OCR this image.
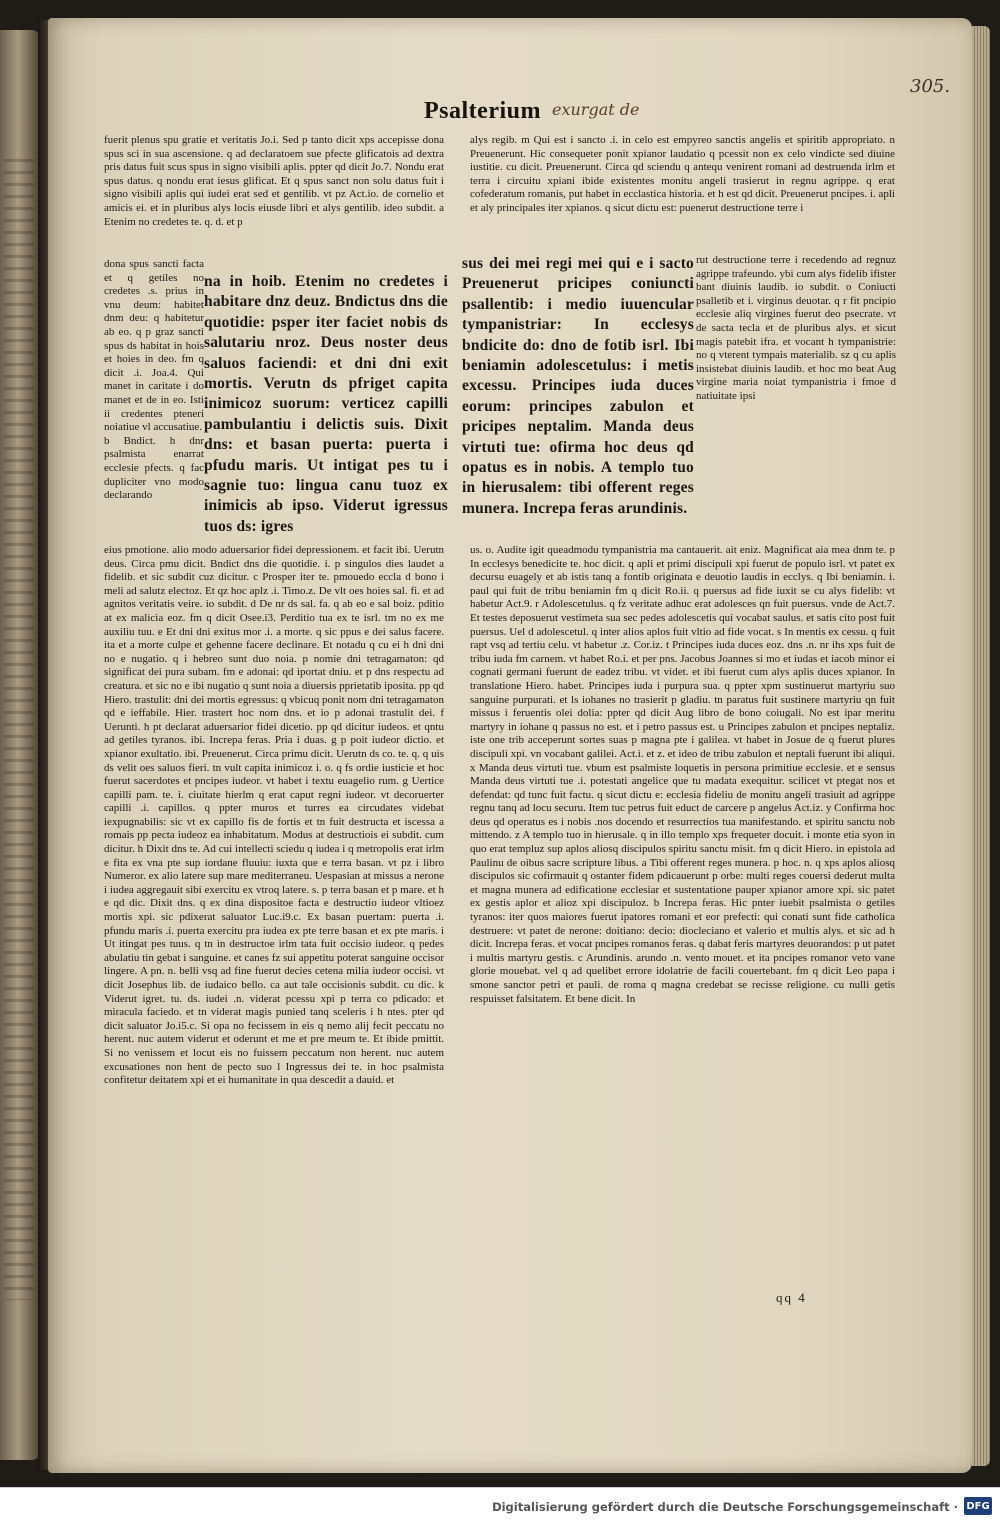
305.
Psalterium exurgat de

fuerit plenus spu gratie et veritatis Jo.i. Sed p tanto dicit xps accepisse dona spus sci in sua ascensione. q ad declaratoem sue pfecte glificatois ad dextra pris datus fuit scus spus in signo visibili aplis. ppter qd dicit Jo.7. Nondu erat spus datus. q nondu erat iesus glificat. Et q spus sanct non solu datus fuit i signo visibili aplis qui iudei erat sed et gentilib. vt pz Act.io. de cornelio et amicis ei. et in pluribus alys locis eiusde libri et alys gentilib. ideo subdit. a Etenim no credetes te. q. d. et p

alys regib. m Qui est i sancto .i. in celo est empyreo sanctis angelis et spiritib appropriato. n Preuenerunt. Hic consequeter ponit xpianor laudatio q pcessit non ex celo vindicte sed diuine iustitie. cu dicit. Preuenerunt. Circa qd sciendu q antequ venirent romani ad destruenda irlm et terra i circuitu xpiani ibide existentes monitu angeli trasierut in regnu agrippe. q erat cofederatum romanis, put habet in ecclastica historia. et h est qd dicit. Preuenerut pncipes. i. apli et aly principales iter xpianos. q sicut dictu est: puenerut destructione terre i

dona spus sancti facta et q getiles no credetes .s. prius in vnu deum: habitet dnm deu: q habitetur ab eo. q p graz sancti spus ds habitat in hois et hoies in deo. fm q dicit .i. Joa.4. Qui manet in caritate i do manet et de in eo. Isti ii credentes pteneri noiatiue vl accusatiue.

b Bndict. h dnr psalmista enarrat ecclesie pfects. q fac dupliciter vno modo declarando

na in hoib. Etenim no credetes i habitare dnz deuz. Bndictus dns die quotidie: psper iter faciet nobis ds salutariu nroz. Deus noster deus saluos faciendi: et dni dni exit mortis. Verutn ds pfriget capita inimicoz suorum: verticez capilli pambulantiu i delictis suis. Dixit dns: et basan puerta: puerta i pfudu maris. Ut intigat pes tu i sagnie tuo: lingua canu tuoz ex inimicis ab ipso. Viderut igressus tuos ds: igres

sus dei mei regi mei qui e i sacto Preuenerut pricipes coniuncti psallentib: i medio iuuencular tympanistriar: In ecclesys bndicite do: dno de fotib isrl. Ibi beniamin adolescetulus: i metis excessu. Principes iuda duces eorum: principes zabulon et pricipes neptalim. Manda deus virtuti tue: ofirma hoc deus qd opatus es in nobis. A templo tuo in hierusalem: tibi offerent reges munera. Increpa feras arundinis.

rut destructione terre i recedendo ad regnuz agrippe trafeundo. ybi cum alys fidelib ifister bant diuinis laudib. io subdit. o Coniucti psalletib et i. virginus deuotar. q r fit pncipio ecclesie aliq virgines fuerut deo psecrate. vt de sacta tecla et de pluribus alys. et sicut magis patebit ifra. et vocant h tympanistrie: no q vterent tympais materialib. sz q cu aplis insistebat diuinis laudib. et hoc mo beat Aug virgine maria noiat tympanistria i fmoe d natiuitate ipsi

eius pmotione. alio modo aduersarior fidei depressionem. et facit ibi. Uerutn deus. Circa pmu dicit. Bndict dns die quotidie. i. p singulos dies laudet a fidelib. et sic subdit cuz dicitur. c Prosper iter te. pmouedo eccla d bono i meli ad salutz electoz. Et qz hoc aplz .i. Timo.z. De vlt oes hoies sal. fi. et ad agnitos veritatis veire. io subdit. d De nr ds sal. fa. q ab eo e sal boiz. pditio at ex malicia eoz. fm q dicit Osee.i3. Perditio tua ex te isrl. tm no ex me auxiliu tuu. e Et dni dni exitus mor .i. a morte. q sic ppus e dei salus facere. ita et a morte culpe et gehenne facere declinare. Et notadu q cu ei h dni dni no e nugatio. q i hebreo sunt duo noia. p nomie dni tetragamaton: qd significat dei pura subam. fm e adonai: qd iportat dniu. et p dns respectu ad creatura. et sic no e ibi nugatio q sunt noia a diuersis pprietatib iposita. pp qd Hiero. trastulit: dni dei mortis egressus: q vbicuq ponit nom dni tetragamaton qd e ieffabile. Hier. trastert hoc nom dns. et io p adonai trastulit dei. f Uerunti. h pt declarat aduersarior fidei dicetio. pp qd dicitur iudeos. et qntu ad getiles tyranos. ibi. Increpa feras. Pria i duas. g p poit iudeor dictio. et xpianor exultatio. ibi. Preuenerut. Circa primu dicit. Uerutn ds co. te. q. q uis ds velit oes saluos fieri. tn vult capita inimicoz i. o. q fs ordie iusticie et hoc fuerut sacerdotes et pncipes iudeor. vt habet i textu euagelio rum. g Uertice capilli pam. te. i. ciuitate hierlm q erat caput regni iudeor. vt decoruerter capilli .i. capillos. q ppter muros et turres ea circudates videbat iexpugnabilis: sic vt ex capillo fis de fortis et tn fuit destructa et iscessa a romais pp pecta iudeoz ea inhabitatum. Modus at destructiois ei subdit. cum dicitur. h Dixit dns te. Ad cui intellecti sciedu q iudea i q metropolis erat irlm e fita ex vna pte sup iordane fluuiu: iuxta que e terra basan. vt pz i libro Numeror. ex alio latere sup mare mediterraneu. Uespasian at missus a nerone i iudea aggregauit sibi exercitu ex vtroq latere. s. p terra basan et p mare. et h e qd dic. Dixit dns. q ex dina dispositoe facta e destructio iudeor vltioez mortis xpi. sic pdixerat saluator Luc.i9.c. Ex basan puertam: puerta .i. pfundu maris .i. puerta exercitu pra iudea ex pte terre basan et ex pte maris. i Ut itingat pes tuus. q tn in destructoe irlm tata fuit occisio iudeor. q pedes abulatiu tin gebat i sanguine. et canes fz sui appetitu poterat sanguine occisor lingere. A pn. n. belli vsq ad fine fuerut decies cetena milia iudeor occisi. vt dicit Josephus lib. de iudaico bello. ca aut tale occisionis subdit. cu dic. k Viderut igret. tu. ds. iudei .n. viderat pcessu xpi p terra co pdicado: et miracula faciedo. et tn viderat magis punied tanq sceleris i h ntes. pter qd dicit saluator Jo.i5.c. Si opa no fecissem in eis q nemo alij fecit peccatu no herent. nuc autem viderut et oderunt et me et pre meum te. Et ibide pmittit. Si no venissem et locut eis no fuissem peccatum non herent. nuc autem excusationes non hent de pecto suo l Ingressus dei te. in hoc psalmista confitetur deitatem xpi et ei humanitate in qua descedit a dauid. et

us. o. Audite igit queadmodu tympanistria ma cantauerit. ait eniz. Magnificat aia mea dnm te. p In ecclesys benedicite te. hoc dicit. q apli et primi discipuli xpi fuerut de populo isrl. vt patet ex decursu euagely et ab istis tanq a fontib originata e deuotio laudis in ecclys. q Ibi beniamin. i. paul qui fuit de tribu beniamin fm q dicit Ro.ii. q puersus ad fide iuxit se cu alys fidelib: vt habetur Act.9. r Adolescetulus. q fz veritate adhuc erat adolesces qn fuit puersus. vnde de Act.7. Et testes deposuerut vestimeta sua sec pedes adolescetis qui vocabat saulus. et satis cito post fuit puersus. Uel d adolescetul. q inter alios aplos fuit vltio ad fide vocat. s In mentis ex cessu. q fuit rapt vsq ad tertiu celu. vt habetur .z. Cor.iz. t Principes iuda duces eoz. dns .n. nr ihs xps fuit de tribu iuda fm carnem. vt habet Ro.i. et per pns. Jacobus Joannes si mo et iudas et iacob minor ei cognati germani fuerunt de eadez tribu. vt videt. et ibi fuerut cum alys aplis duces xpianor. In translatione Hiero. habet. Principes iuda i purpura sua. q ppter xpm sustinuerut martyriu suo sanguine purpurati. et ls iohanes no trasierit p gladiu. tn paratus fuit sustinere martyriu qn fuit missus i feruentis olei dolia: ppter qd dicit Aug libro de bono coiugali. No est ipar meritu martyry in iohane q passus no est. et i petro passus est. u Principes zabulon et pncipes neptaliz. iste one trib acceperunt sortes suas p magna pte i galilea. vt habet in Josue de q fuerut plures discipuli xpi. vn vocabant galilei. Act.i. et z. et ideo de tribu zabulon et neptali fuerunt ibi aliqui. x Manda deus virtuti tue. vbum est psalmiste loquetis in persona primitiue ecclesie. et e sensus Manda deus virtuti tue .i. potestati angelice que tu madata exequitur. scilicet vt ptegat nos et defendat: qd tunc fuit factu. q sicut dictu e: ecclesia fideliu de monitu angeli trasiuit ad agrippe regnu tanq ad locu securu. Item tuc petrus fuit educt de carcere p angelus Act.iz. y Confirma hoc deus qd operatus es i nobis .nos docendo et resurrectios tua manifestando. et spiritu sanctu nob mittendo. z A templo tuo in hierusale. q in illo templo xps frequeter docuit. i monte etia syon in quo erat templuz sup aplos aliosq discipulos spiritu sanctu misit. fm q dicit Hiero. in epistola ad Paulinu de oibus sacre scripture libus. a Tibi offerent reges munera. p hoc. n. q xps aplos aliosq discipulos sic cofirmauit q ostanter fidem pdicauerunt p orbe: multi reges couersi dederut multa et magna munera ad edificatione ecclesiar et sustentatione pauper xpianor amore xpi. sic patet ex gestis aplor et alioz xpi discipuloz. b Increpa feras. Hic pnter iuebit psalmista o getiles tyranos: iter quos maiores fuerut ipatores romani et eor prefecti: qui conati sunt fide catholica destruere: vt patet de nerone: doitiano: decio: diocleciano et valerio et multis alys. et sic ad h dicit. Increpa feras. et vocat pncipes romanos feras. q dabat feris martyres deuorandos: p ut patet i multis martyru gestis. c Arundinis. arundo .n. vento mouet. et ita pncipes romanor veto vane glorie mouebat. vel q ad quelibet errore idolatrie de facili couertebant. fm q dicit Leo papa i smone sanctor petri et pauli. de roma q magna credebat se recisse religione. cu nulli getis respuisset falsitatem. Et bene dicit. In

qq 4
Digitalisierung gefördert durch die Deutsche Forschungsgemeinschaft · DFG
